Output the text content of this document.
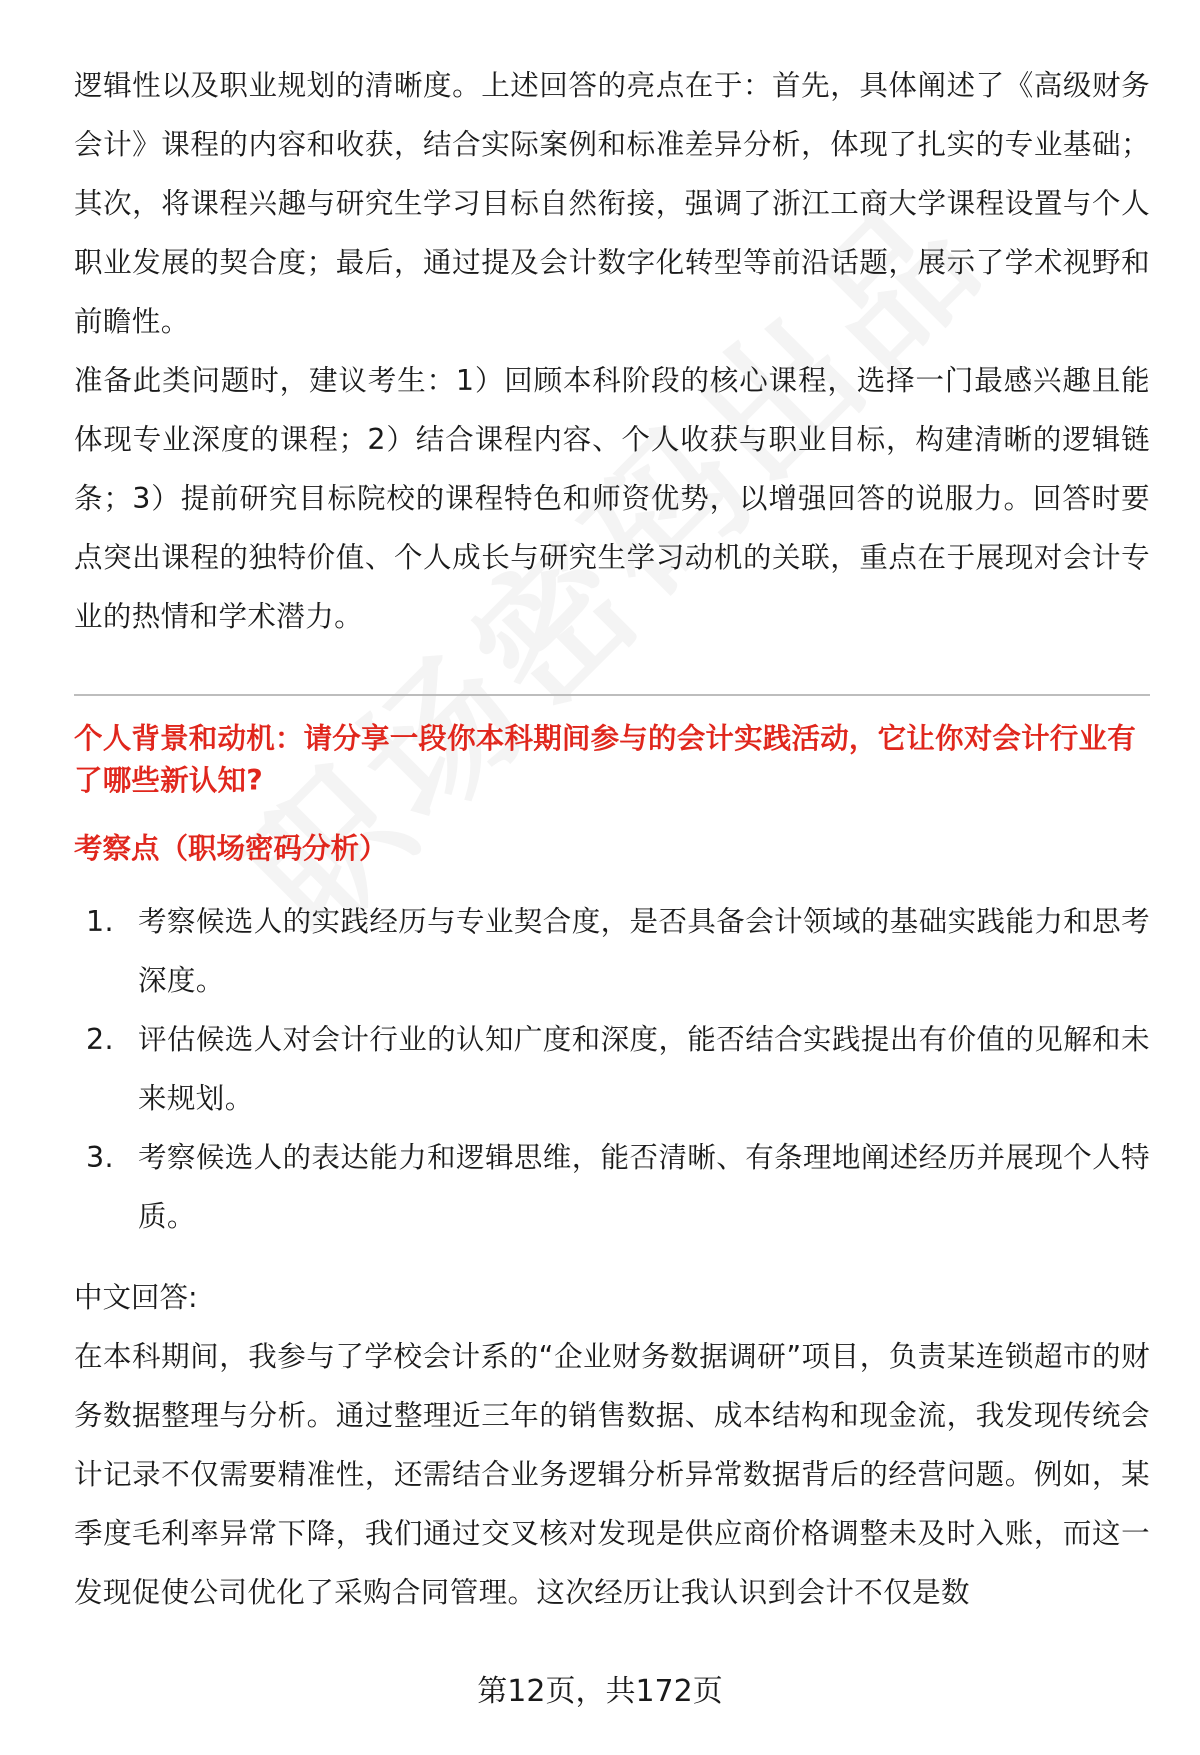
逻辑性以及职业规划的清晰度。上述回答的亮点在于：首先，具体阐述了《高级财务会计》课程的内容和收获，结合实际案例和标准差异分析，体现了扎实的专业基础；其次，将课程兴趣与研究生学习目标自然衔接，强调了浙江工商大学课程设置与个人职业发展的契合度；最后，通过提及会计数字化转型等前沿话题，展示了学术视野和前瞻性。

准备此类问题时，建议考生：1）回顾本科阶段的核心课程，选择一门最感兴趣且能体现专业深度的课程；2）结合课程内容、个人收获与职业目标，构建清晰的逻辑链条；3）提前研究目标院校的课程特色和师资优势，以增强回答的说服力。回答时要点突出课程的独特价值、个人成长与研究生学习动机的关联，重点在于展现对会计专业的热情和学术潜力。

个人背景和动机：请分享一段你本科期间参与的会计实践活动，它让你对会计行业有了哪些新认知?

考察点（职场密码分析）

1. 考察候选人的实践经历与专业契合度，是否具备会计领域的基础实践能力和思考深度。
2. 评估候选人对会计行业的认知广度和深度，能否结合实践提出有价值的见解和未来规划。
3. 考察候选人的表达能力和逻辑思维，能否清晰、有条理地阐述经历并展现个人特质。

中文回答:

在本科期间，我参与了学校会计系的“企业财务数据调研”项目，负责某连锁超市的财务数据整理与分析。通过整理近三年的销售数据、成本结构和现金流，我发现传统会计记录不仅需要精准性，还需结合业务逻辑分析异常数据背后的经营问题。例如，某季度毛利率异常下降，我们通过交叉核对发现是供应商价格调整未及时入账，而这一发现促使公司优化了采购合同管理。这次经历让我认识到会计不仅是数

第12页，共172页
